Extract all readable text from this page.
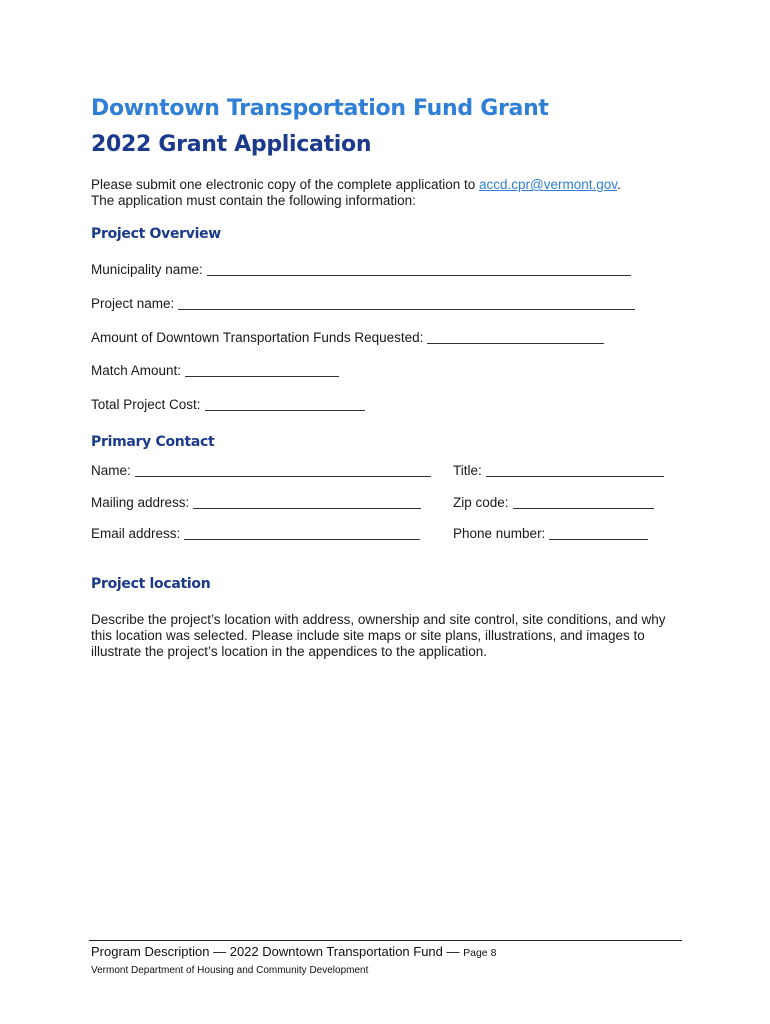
Downtown Transportation Fund Grant
2022 Grant Application
Please submit one electronic copy of the complete application to accd.cpr@vermont.gov.
The application must contain the following information:
Project Overview
Municipality name:
Project name:
Amount of Downtown Transportation Funds Requested:
Match Amount:
Total Project Cost:
Primary Contact
Name:	Title:
Mailing address:	Zip code:
Email address:	Phone number:
Project location

Describe the project’s location with address, ownership and site control, site conditions, and why this location was selected. Please include site maps or site plans, illustrations, and images to illustrate the project’s location in the appendices to the application.

Program Description — 2022 Downtown Transportation Fund — Page 8
Vermont Department of Housing and Community Development
